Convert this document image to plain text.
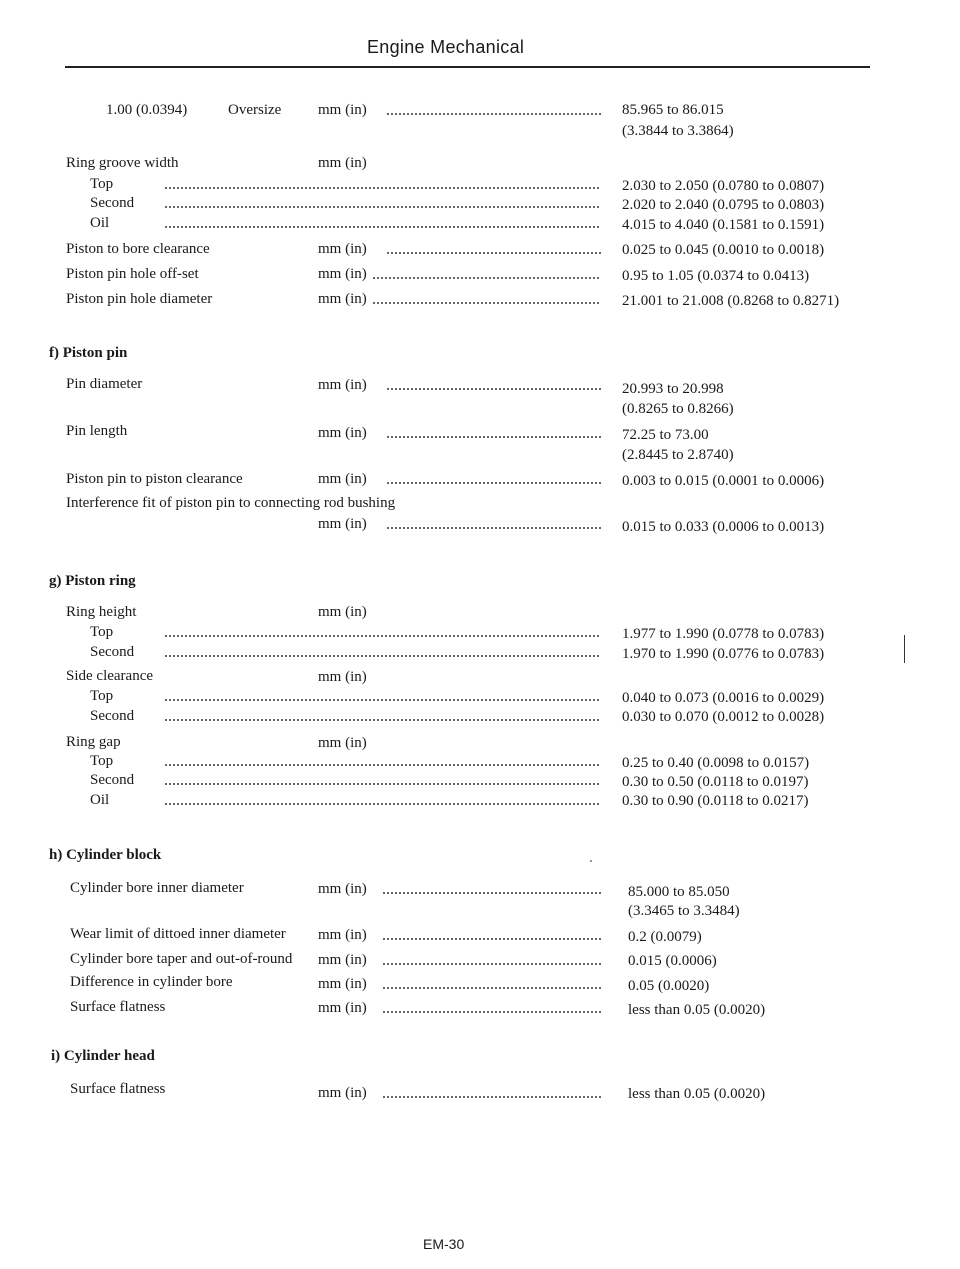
Engine Mechanical
1.00 (0.0394)	Oversize mm (in)	85.965 to 86.015
(3.3844 to 3.3864)
Ring groove width	mm (in)
Top	2.030 to 2.050 (0.0780 to 0.0807)
Second	2.020 to 2.040 (0.0795 to 0.0803)
Oil	4.015 to 4.040 (0.1581 to 0.1591)
Piston to bore clearance	mm (in)	0.025 to 0.045 (0.0010 to 0.0018)
Piston pin hole off-set	mm (in)	0.95 to 1.05 (0.0374 to 0.0413)
Piston pin hole diameter	mm (in)	21.001 to 21.008 (0.8268 to 0.8271)
f) Piston pin
Pin diameter	mm (in)	20.993 to 20.998
(0.8265 to 0.8266)
Pin length	mm (in)	72.25 to 73.00
(2.8445 to 2.8740)
Piston pin to piston clearance	mm (in)	0.003 to 0.015 (0.0001 to 0.0006)
Interference fit of piston pin to connecting rod bushing
mm (in)	0.015 to 0.033 (0.0006 to 0.0013)
g) Piston ring
Ring height	mm (in)
Top	1.977 to 1.990 (0.0778 to 0.0783)
Second	1.970 to 1.990 (0.0776 to 0.0783)
Side clearance	mm (in)
Top	0.040 to 0.073 (0.0016 to 0.0029)
Second	0.030 to 0.070 (0.0012 to 0.0028)
Ring gap	mm (in)
Top	0.25 to 0.40 (0.0098 to 0.0157)
Second	0.30 to 0.50 (0.0118 to 0.0197)
Oil	0.30 to 0.90 (0.0118 to 0.0217)
h) Cylinder block
Cylinder bore inner diameter	mm (in)	85.000 to 85.050
(3.3465 to 3.3484)
Wear limit of dittoed inner diameter mm (in)	0.2 (0.0079)
Cylinder bore taper and out-of-round mm (in)	0.015 (0.0006)
Difference in cylinder bore	mm (in)	0.05 (0.0020)
Surface flatness	mm (in)	less than 0.05 (0.0020)
i) Cylinder head
Surface flatness	mm (in)	less than 0.05 (0.0020)
EM-30
